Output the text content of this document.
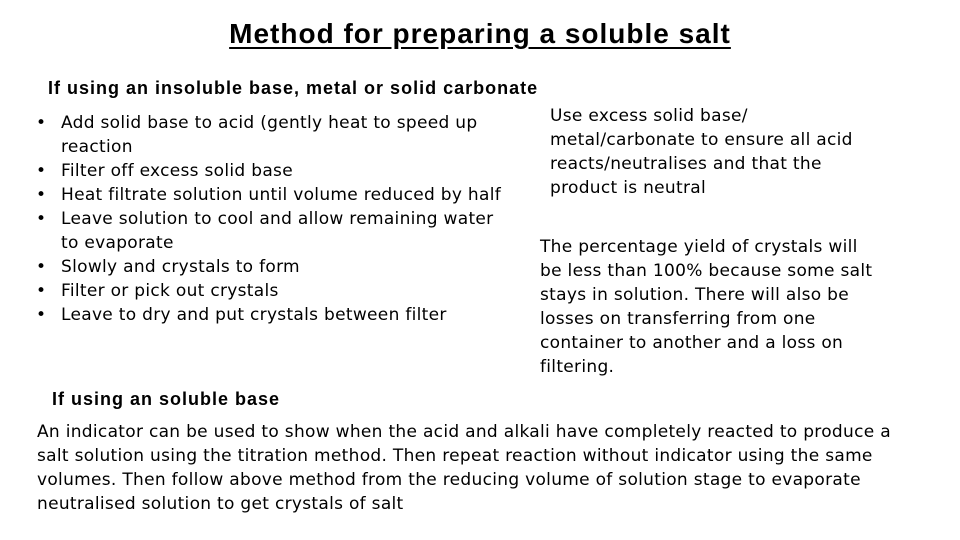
Method for preparing a soluble salt
If using an insoluble base, metal or solid carbonate
• Add solid base to acid (gently heat to speed up reaction
• Filter off excess solid base
• Heat filtrate solution until volume reduced by half
• Leave solution to cool and allow remaining water to evaporate
• Slowly and crystals to form
• Filter or pick out crystals
• Leave to dry and put crystals between filter
Use excess solid base/ metal/carbonate to ensure all acid reacts/neutralises and that the product is neutral
The percentage yield of crystals will be less than 100% because some salt stays in solution. There will also be losses on transferring from one container to another and a loss on filtering.
If using an soluble base
An indicator can be used to show when the acid and alkali have completely reacted to produce a salt solution using the titration method. Then repeat reaction without indicator using the same volumes. Then follow above method from the reducing volume of solution stage to evaporate neutralised solution to get crystals of salt
